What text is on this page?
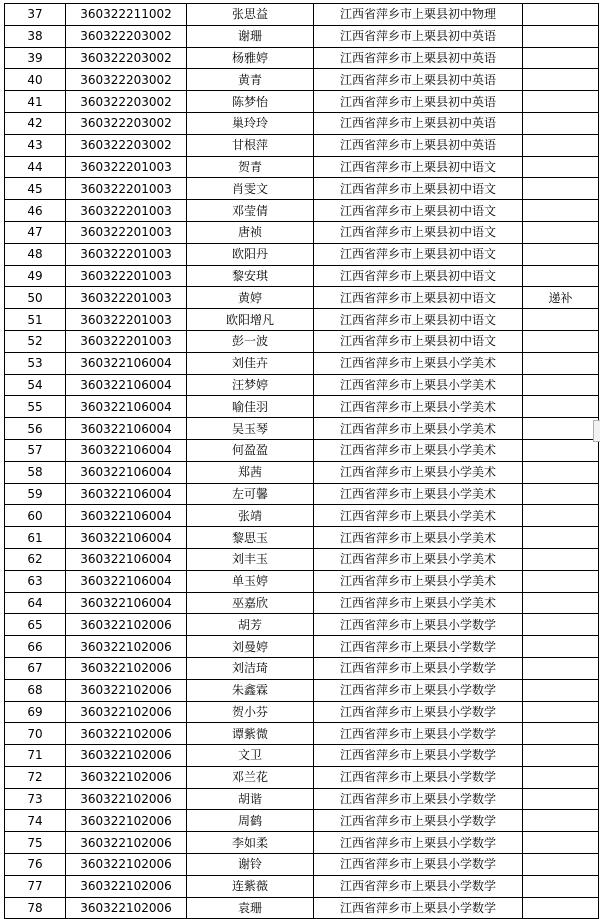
37	360322211002	张思益	江西省萍乡市上栗县初中物理	
38	360322203002	谢珊	江西省萍乡市上栗县初中英语	
39	360322203002	杨雅婷	江西省萍乡市上栗县初中英语	
40	360322203002	黄青	江西省萍乡市上栗县初中英语	
41	360322203002	陈梦怡	江西省萍乡市上栗县初中英语	
42	360322203002	巢玲玲	江西省萍乡市上栗县初中英语	
43	360322203002	甘根萍	江西省萍乡市上栗县初中英语	
44	360322201003	贺青	江西省萍乡市上栗县初中语文	
45	360322201003	肖雯文	江西省萍乡市上栗县初中语文	
46	360322201003	邓莹倩	江西省萍乡市上栗县初中语文	
47	360322201003	唐祯	江西省萍乡市上栗县初中语文	
48	360322201003	欧阳丹	江西省萍乡市上栗县初中语文	
49	360322201003	黎安琪	江西省萍乡市上栗县初中语文	
50	360322201003	黄婷	江西省萍乡市上栗县初中语文	递补
51	360322201003	欧阳增凡	江西省萍乡市上栗县初中语文	
52	360322201003	彭一波	江西省萍乡市上栗县初中语文	
53	360322106004	刘佳卉	江西省萍乡市上栗县小学美术	
54	360322106004	汪梦婷	江西省萍乡市上栗县小学美术	
55	360322106004	喻佳羽	江西省萍乡市上栗县小学美术	
56	360322106004	吴玉琴	江西省萍乡市上栗县小学美术	
57	360322106004	何盈盈	江西省萍乡市上栗县小学美术	
58	360322106004	郑茜	江西省萍乡市上栗县小学美术	
59	360322106004	左可馨	江西省萍乡市上栗县小学美术	
60	360322106004	张靖	江西省萍乡市上栗县小学美术	
61	360322106004	黎思玉	江西省萍乡市上栗县小学美术	
62	360322106004	刘丰玉	江西省萍乡市上栗县小学美术	
63	360322106004	单玉婷	江西省萍乡市上栗县小学美术	
64	360322106004	巫嘉欣	江西省萍乡市上栗县小学美术	
65	360322102006	胡芳	江西省萍乡市上栗县小学数学	
66	360322102006	刘曼婷	江西省萍乡市上栗县小学数学	
67	360322102006	刘洁琦	江西省萍乡市上栗县小学数学	
68	360322102006	朱鑫霖	江西省萍乡市上栗县小学数学	
69	360322102006	贺小芬	江西省萍乡市上栗县小学数学	
70	360322102006	谭紫微	江西省萍乡市上栗县小学数学	
71	360322102006	文卫	江西省萍乡市上栗县小学数学	
72	360322102006	邓兰花	江西省萍乡市上栗县小学数学	
73	360322102006	胡谐	江西省萍乡市上栗县小学数学	
74	360322102006	周鹤	江西省萍乡市上栗县小学数学	
75	360322102006	李如柔	江西省萍乡市上栗县小学数学	
76	360322102006	谢铃	江西省萍乡市上栗县小学数学	
77	360322102006	连紫薇	江西省萍乡市上栗县小学数学	
78	360322102006	袁珊	江西省萍乡市上栗县小学数学	
